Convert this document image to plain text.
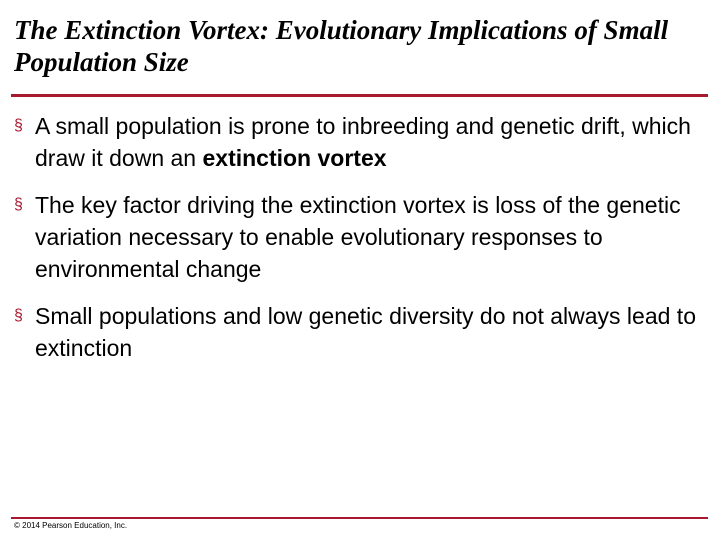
The Extinction Vortex: Evolutionary Implications of Small Population Size
§ A small population is prone to inbreeding and genetic drift, which draw it down an extinction vortex
§ The key factor driving the extinction vortex is loss of the genetic variation necessary to enable evolutionary responses to environmental change
§ Small populations and low genetic diversity do not always lead to extinction
© 2014 Pearson Education, Inc.
